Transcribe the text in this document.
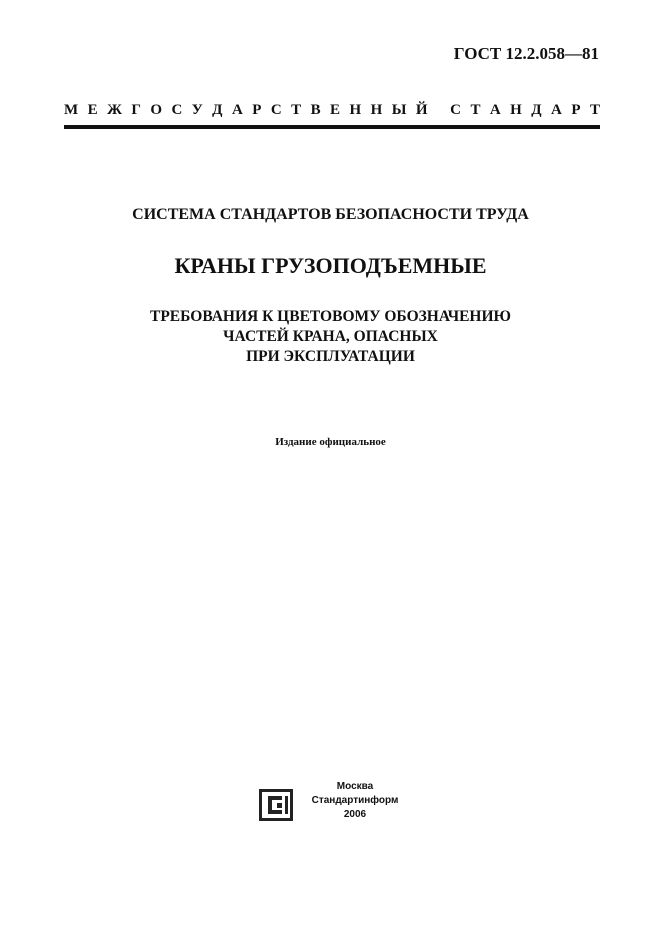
ГОСТ 12.2.058—81
М Е Ж Г О С У Д А Р С Т В Е Н Н Ы Й
С Т А Н Д А Р Т
СИСТЕМА СТАНДАРТОВ БЕЗОПАСНОСТИ ТРУДА
КРАНЫ ГРУЗОПОДЪЕМНЫЕ
ТРЕБОВАНИЯ К ЦВЕТОВОМУ ОБОЗНАЧЕНИЮ
ЧАСТЕЙ КРАНА, ОПАСНЫХ
ПРИ ЭКСПЛУАТАЦИИ
Издание официальное
Москва
Стандартинформ
2006
